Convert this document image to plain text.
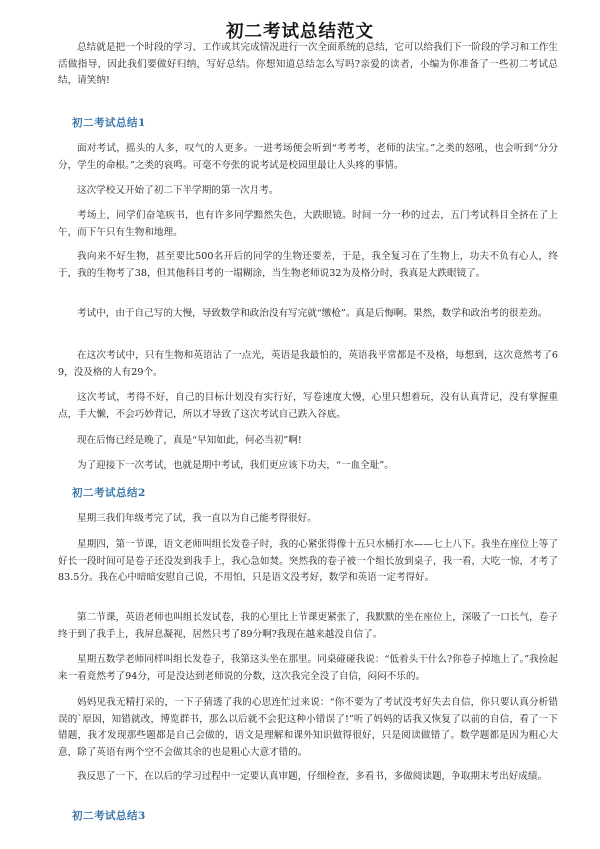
初二考试总结范文

总结就是把一个时段的学习、工作或其完成情况进行一次全面系统的总结，它可以给我们下一阶段的学习和工作生活做指导，因此我们要做好归纳，写好总结。你想知道总结怎么写吗?亲爱的读者，小编为你准备了一些初二考试总结，请笑纳!

初二考试总结1

面对考试，摇头的人多，叹气的人更多。一进考场便会听到“考考考，老师的法宝。”之类的怒吼，也会听到“分分分，学生的命根。”之类的哀鸣。可毫不夸张的说考试是校园里最让人头疼的事情。

这次学校又开始了初二下半学期的第一次月考。

考场上，同学们奋笔疾书，也有许多同学黯然失色，大跌眼镜。时间一分一秒的过去，五门考试科目全挤在了上午，而下午只有生物和地理。

我向来不好生物，甚至要比500名开后的同学的生物还要差，于是，我全复习在了生物上，功夫不负有心人，终于，我的生物考了38，但其他科目考的一塌糊涂，当生物老师说32为及格分时，我真是大跌眼镜了。

考试中，由于自己写的大慢，导致数学和政治没有写完就“缴枪”。真是后悔啊。果然，数学和政治考的很差劲。

在这次考试中，只有生物和英语沾了一点光，英语是我最怕的，英语我平常都是不及格，每想到，这次竟然考了69，没及格的人有29个。

这次考试，考得不好，自己的目标计划没有实行好，写卷速度大慢，心里只想着玩，没有认真背记，没有掌握重点，手大懒，不会巧妙背记，所以才导致了这次考试自己跌入谷底。

现在后悔已经是晚了，真是“早知如此，何必当初”啊!

为了迎接下一次考试，也就是期中考试，我们更应该下功夫，“一血全耻”。

初二考试总结2

星期三我们年级考完了试，我一直以为自己能考得很好。

星期四，第一节课，语文老师叫组长发卷子时，我的心紧张得像十五只水桶打水——七上八下。我坐在座位上等了好长一段时间可是卷子还没发到我手上，我心急如焚。突然我的卷子被一个组长放到桌子，我一看，大吃一惊，才考了83.5分。我在心中暗暗安慰自己说，不用怕，只是语文没考好，数学和英语一定考得好。

第二节课，英语老师也叫组长发试卷，我的心里比上节课更紧张了，我默默的坐在座位上，深吸了一口长气，卷子终于到了我手上，我屏息凝视，居然只考了89分啊?我现在越来越没自信了。

星期五数学老师同样叫组长发卷子，我第这头坐在那里。同桌碰碰我说：“低着头干什么?你卷子掉地上了。”我捡起来一看竟然考了94分，可是没达到老师说的分数，这次我完全没了自信，闷闷不乐的。

妈妈见我无精打采的，一下子猜透了我的心思连忙过来说：“你不要为了考试没考好失去自信，你只要认真分析错误的`原因，知错就改，博览群书，那么以后就不会犯这种小错误了!”听了妈妈的话我又恢复了以前的自信，看了一下错题，我才发现那些题都是自己会做的，语文是理解和课外知识做得很好，只是阅读做错了。数学题都是因为粗心大意，除了英语有两个空不会做其余的也是粗心大意才错的。

我反思了一下，在以后的学习过程中一定要认真审题，仔细检查，多看书，多做阅读题，争取期末考出好成绩。

初二考试总结3
